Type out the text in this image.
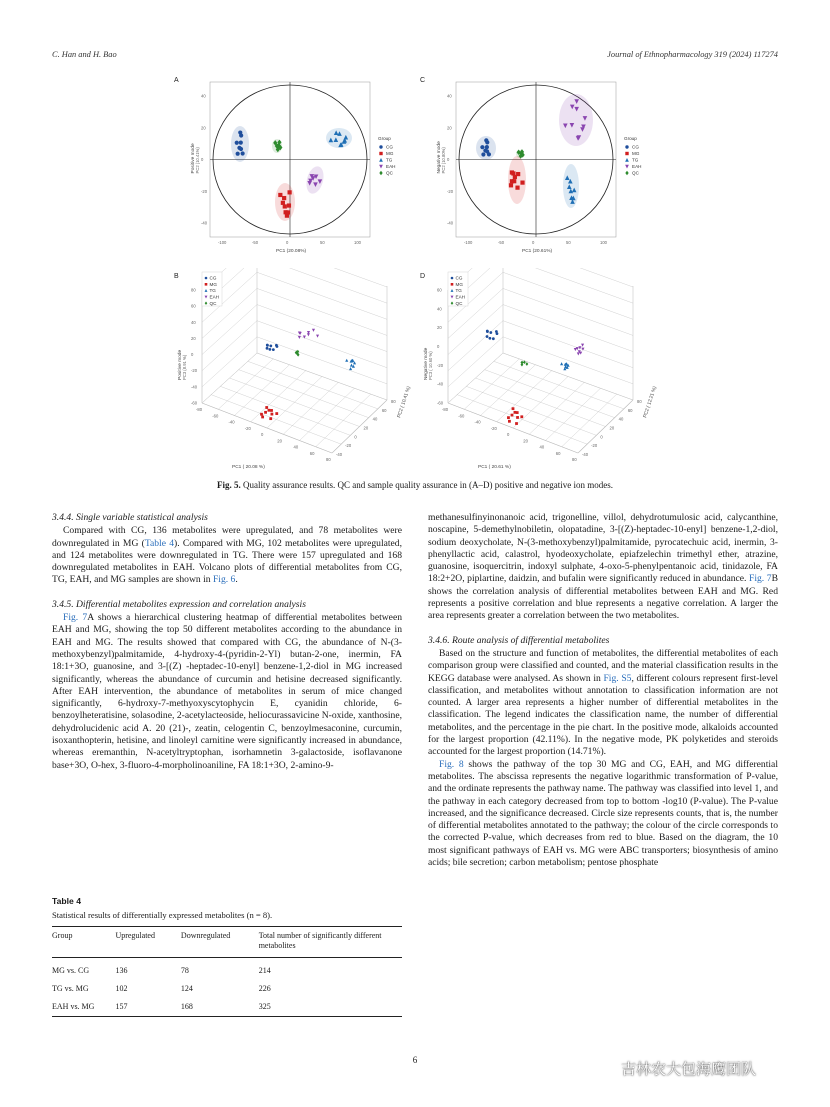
C. Han and H. Bao	Journal of Ethnopharmacology 319 (2024) 117274
A
-100	-50	0	50	100
40
20
0
-20
-40
PC1 (20.08%)
Positive mode PC2 (10.41%)
Group
CG
MG
TG
EAH
QC
C
-100	-50	0	50	100
40
20
0
-20
-40
PC1 (20.61%)
Negative mode PC2 (10.80%)
Group
CG
MG
TG
EAH
QC
B
-60
-40
-20
0
20
40
60
80
-80
-60
-40
-20
0
20
40
60
80
-40
-20
0
20
40
60
80
PC1 ( 20.08 %)
PC2 ( 10.41 %)
Positive mode PC3 (8.91 %)
CG
MG
TG
EAH
QC
D
-60
-40
-20
0
20
40
60
-80
-60
-40
-20
0
20
40
60
80
-40
-20
0
20
40
60
80
PC1 ( 20.61 %)
PC2 ( 12.21 %)
Negative mode PC3 ( 10.60 %)
CG
MG
TG
EAH
QC
Fig. 5. Quality assurance results. QC and sample quality assurance in (A–D) positive and negative ion modes.
3.4.4. Single variable statistical analysis

Compared with CG, 136 metabolites were upregulated, and 78 metabolites were downregulated in MG (Table 4). Compared with MG, 102 metabolites were upregulated, and 124 metabolites were downregulated in TG. There were 157 upregulated and 168 downregulated metabolites in EAH. Volcano plots of differential metabolites from CG, TG, EAH, and MG samples are shown in Fig. 6.

3.4.5. Differential metabolites expression and correlation analysis

Fig. 7A shows a hierarchical clustering heatmap of differential metabolites between EAH and MG, showing the top 50 different metabolites according to the abundance in EAH and MG. The results showed that compared with CG, the abundance of N-(3-methoxybenzyl)palmitamide, 4-hydroxy-4-(pyridin-2-Yl) butan-2-one, inermin, FA 18:1+3O, guanosine, and 3-[(Z) -heptadec-10-enyl] benzene-1,2-diol in MG increased significantly, whereas the abundance of curcumin and hetisine decreased significantly. After EAH intervention, the abundance of metabolites in serum of mice changed significantly, 6-hydroxy-7-methyoxyscytophycin E, cyanidin chloride, 6-benzoylheteratisine, solasodine, 2-acetylacteoside, heliocurassavicine N-oxide, xanthosine, dehydrolucidenic acid A. 20 (21)-, zeatin, celogentin C, benzoylmesaconine, curcumin, isoxanthopterin, hetisine, and linoleyl carnitine were significantly increased in abundance, whereas eremanthin, N-acetyltryptophan, isorhamnetin 3-galactoside, isoflavanone base+3O, O-hex, 3-fluoro-4-morpholinoaniline, FA 18:1+3O, 2-amino-9-

Table 4
Statistical results of differentially expressed metabolites (n = 8).
Group	Upregulated	Downregulated	Total number of significantly different metabolites
MG vs. CG	136	78	214
TG vs. MG	102	124	226
EAH vs. MG	157	168	325

methanesulfinyinonanoic acid, trigonelline, villol, dehydrotumulosic acid, calycanthine, noscapine, 5-demethylnobiletin, olopatadine, 3-[(Z)-heptadec-10-enyl] benzene-1,2-diol, sodium deoxycholate, N-(3-methoxybenzyl)palmitamide, pyrocatechuic acid, inermin, 3-phenyllactic acid, calastrol, hyodeoxycholate, epiafzelechin trimethyl ether, atrazine, guanosine, isoquercitrin, indoxyl sulphate, 4-oxo-5-phenylpentanoic acid, tinidazole, FA 18:2+2O, piplartine, daidzin, and bufalin were significantly reduced in abundance. Fig. 7B shows the correlation analysis of differential metabolites between EAH and MG. Red represents a positive correlation and blue represents a negative correlation. A larger the area represents greater a correlation between the two metabolites.

3.4.6. Route analysis of differential metabolites

Based on the structure and function of metabolites, the differential metabolites of each comparison group were classified and counted, and the material classification results in the KEGG database were analysed. As shown in Fig. S5, different colours represent first-level classification, and metabolites without annotation to classification information are not counted. A larger area represents a higher number of differential metabolites in the classification. The legend indicates the classification name, the number of differential metabolites, and the percentage in the pie chart. In the positive mode, alkaloids accounted for the largest proportion (42.11%). In the negative mode, PK polyketides and steroids accounted for the largest proportion (14.71%).

Fig. 8 shows the pathway of the top 30 MG and CG, EAH, and MG differential metabolites. The abscissa represents the negative logarithmic transformation of P-value, and the ordinate represents the pathway name. The pathway was classified into level 1, and the pathway in each category decreased from top to bottom -log10 (P-value). The P-value increased, and the significance decreased. Circle size represents counts, that is, the number of differential metabolites annotated to the pathway; the colour of the circle corresponds to the corrected P-value, which decreases from red to blue. Based on the diagram, the 10 most significant pathways of EAH vs. MG were ABC transporters; biosynthesis of amino acids; bile secretion; carbon metabolism; pentose phosphate

6	吉林农大包海鹰团队
